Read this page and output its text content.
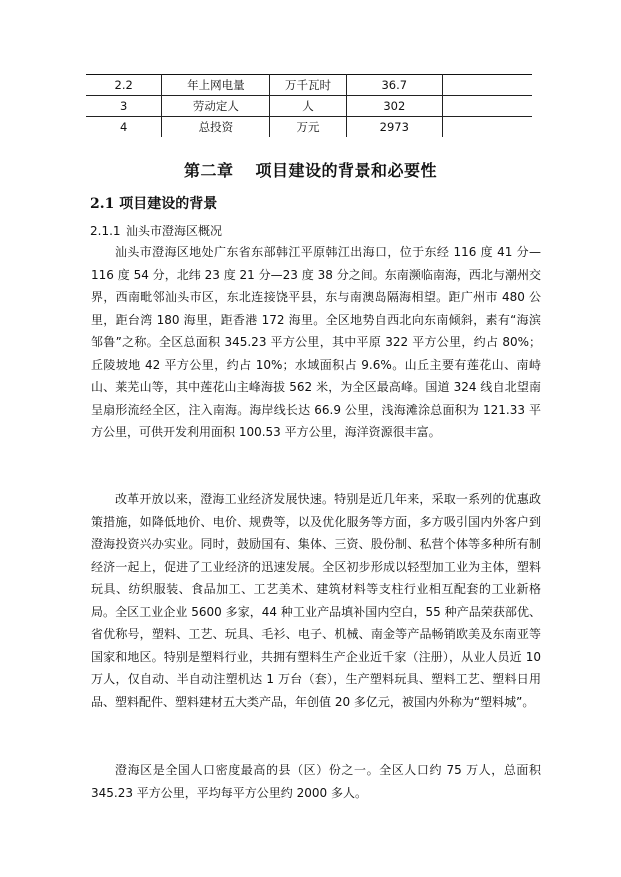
2.2	年上网电量	万千瓦时	36.7	
3	劳动定人	人	302	
4	总投资	万元	2973	
第二章 项目建设的背景和必要性
2.1 项目建设的背景
2.1.1 汕头市澄海区概况

汕头市澄海区地处广东省东部韩江平原韩江出海口，位于东经 116 度 41 分—116 度 54 分，北纬 23 度 21 分—23 度 38 分之间。东南濒临南海，西北与潮州交界，西南毗邻汕头市区，东北连接饶平县，东与南澳岛隔海相望。距广州市 480 公里，距台湾 180 海里，距香港 172 海里。全区地势自西北向东南倾斜，素有“海滨邹鲁”之称。全区总面积 345.23 平方公里，其中平原 322 平方公里，约占 80%；丘陵坡地 42 平方公里，约占 10%；水域面积占 9.6%。山丘主要有莲花山、南峙山、莱芜山等，其中莲花山主峰海拔 562 米，为全区最高峰。国道 324 线自北望南呈扇形流经全区，注入南海。海岸线长达 66.9 公里，浅海滩涂总面积为 121.33 平方公里，可供开发利用面积 100.53 平方公里，海洋资源很丰富。

改革开放以来，澄海工业经济发展快速。特别是近几年来，采取一系列的优惠政策措施，如降低地价、电价、规费等，以及优化服务等方面，多方吸引国内外客户到澄海投资兴办实业。同时，鼓励国有、集体、三资、股份制、私营个体等多种所有制经济一起上，促进了工业经济的迅速发展。全区初步形成以轻型加工业为主体，塑料玩具、纺织服装、食品加工、工艺美术、建筑材料等支柱行业相互配套的工业新格局。全区工业企业 5600 多家，44 种工业产品填补国内空白，55 种产品荣获部优、省优称号，塑料、工艺、玩具、毛衫、电子、机械、南金等产品畅销欧美及东南亚等国家和地区。特别是塑料行业，共拥有塑料生产企业近千家（注册），从业人员近 10 万人，仅自动、半自动注塑机达 1 万台（套），生产塑料玩具、塑料工艺、塑料日用品、塑料配件、塑料建材五大类产品，年创值 20 多亿元，被国内外称为“塑料城”。

澄海区是全国人口密度最高的县（区）份之一。全区人口约 75 万人，总面积 345.23 平方公里，平均每平方公里约 2000 多人。
